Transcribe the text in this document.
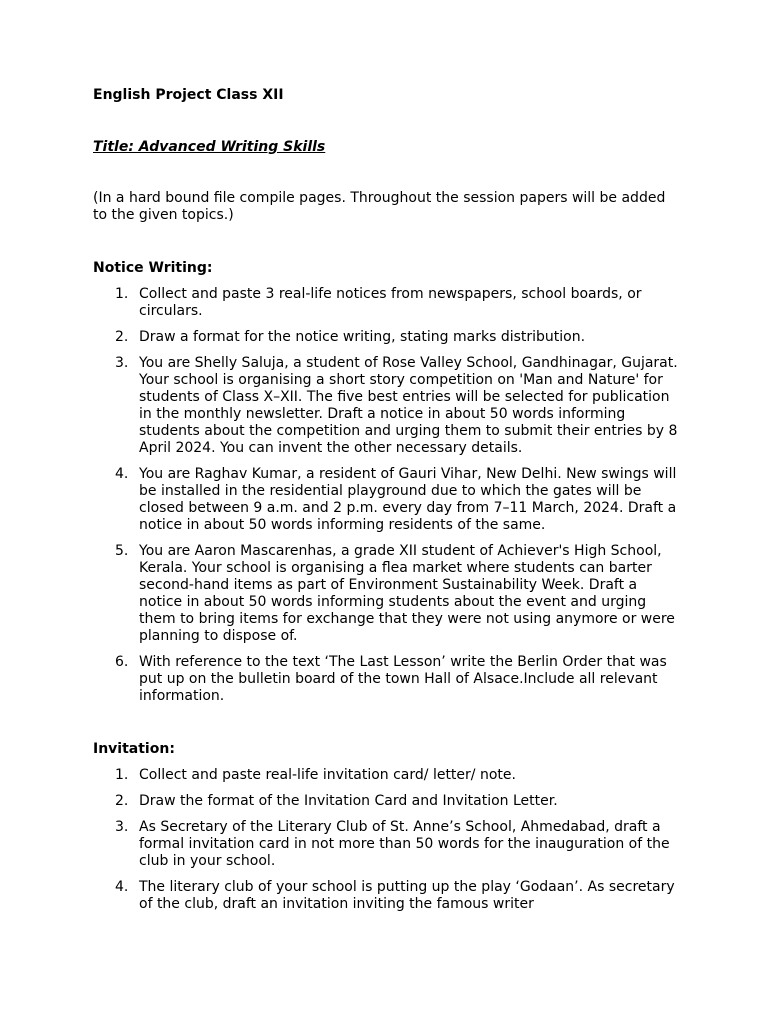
English Project Class XII
Title: Advanced Writing Skills
(In a hard bound file compile pages. Throughout the session papers will be added to the given topics.)
Notice Writing:
1. Collect and paste 3 real-life notices from newspapers, school boards, or circulars.
2. Draw a format for the notice writing, stating marks distribution.
3. You are Shelly Saluja, a student of Rose Valley School, Gandhinagar, Gujarat. Your school is organising a short story competition on 'Man and Nature' for students of Class X–XII. The five best entries will be selected for publication in the monthly newsletter. Draft a notice in about 50 words informing students about the competition and urging them to submit their entries by 8 April 2024. You can invent the other necessary details.
4. You are Raghav Kumar, a resident of Gauri Vihar, New Delhi. New swings will be installed in the residential playground due to which the gates will be closed between 9 a.m. and 2 p.m. every day from 7–11 March, 2024. Draft a notice in about 50 words informing residents of the same.
5. You are Aaron Mascarenhas, a grade XII student of Achiever's High School, Kerala. Your school is organising a flea market where students can barter second-hand items as part of Environment Sustainability Week. Draft a notice in about 50 words informing students about the event and urging them to bring items for exchange that they were not using anymore or were planning to dispose of.
6. With reference to the text ‘The Last Lesson’ write the Berlin Order that was put up on the bulletin board of the town Hall of Alsace.Include all relevant information.
Invitation:
1. Collect and paste real-life invitation card/ letter/ note.
2. Draw the format of the Invitation Card and Invitation Letter.
3. As Secretary of the Literary Club of St. Anne’s School, Ahmedabad, draft a formal invitation card in not more than 50 words for the inauguration of the club in your school.
4. The literary club of your school is putting up the play ‘Godaan’. As secretary of the club, draft an invitation inviting the famous writer
